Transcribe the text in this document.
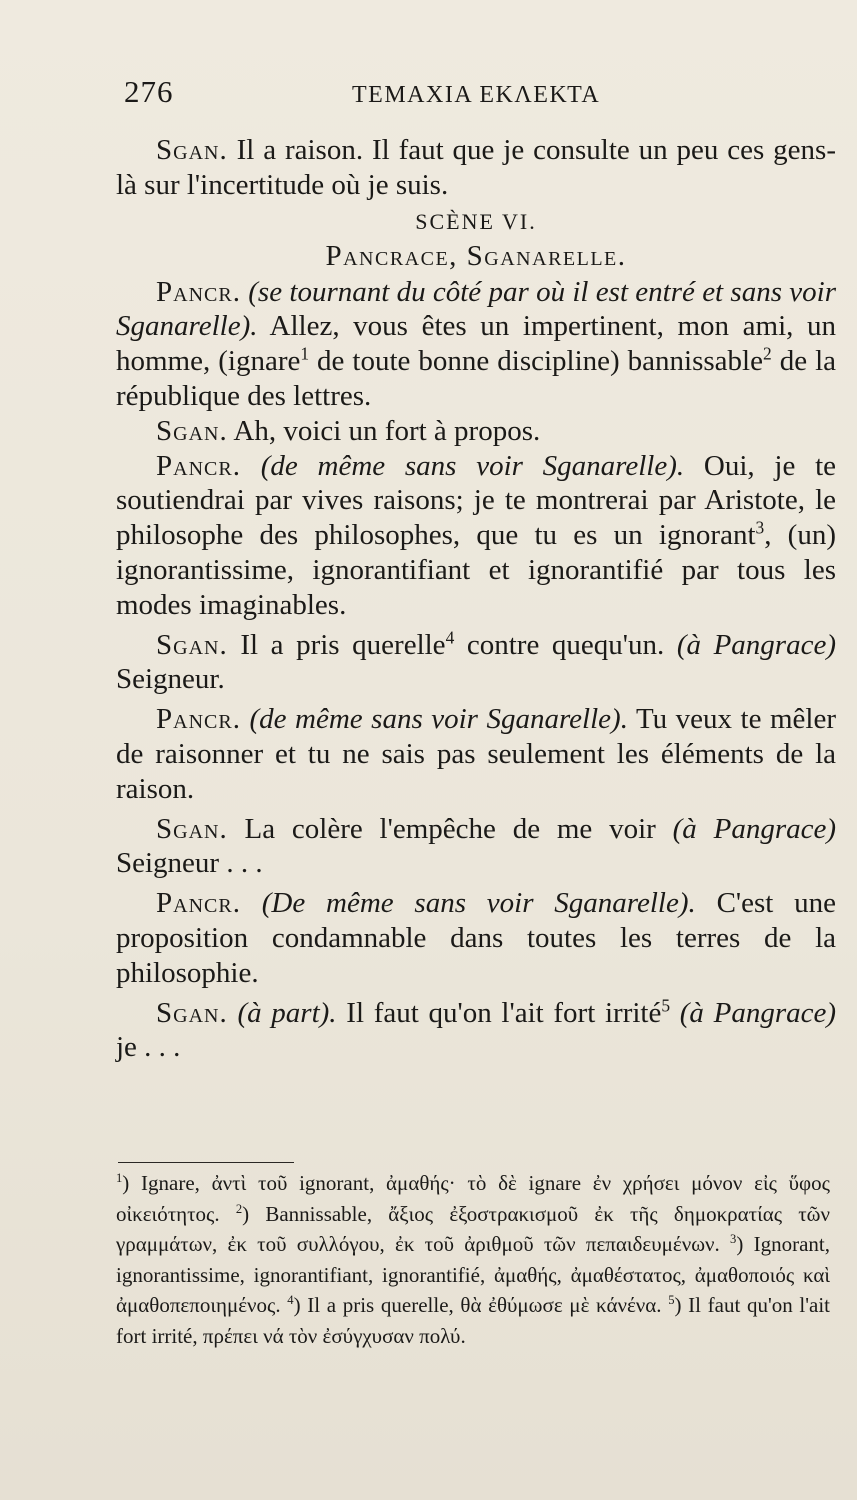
276	ΤΕΜΑΧΙΑ ΕΚΛΕΚΤΑ

Sgan. Il a raison. Il faut que je consulte un peu ces gens-là sur l'incertitude où je suis.

SCÈNE VI.
Pancrace, Sganarelle.

Pancr. (se tournant du côté par où il est entré et sans voir Sganarelle). Allez, vous êtes un impertinent, mon ami, un homme, (ignare$^1$ de toute bonne discipline) bannissable$^2$ de la république des lettres.

Sgan. Ah, voici un fort à propos.

Pancr. (de même sans voir Sganarelle). Oui, je te soutiendrai par vives raisons; je te montrerai par Aristote, le philosophe des philosophes, que tu es un ignorant$^3$, (un) ignorantissime, ignorantifiant et ignorantifié par tous les modes imaginables.

Sgan. Il a pris querelle$^4$ contre quequ'un. (à Pangrace) Seigneur.

Pancr. (de même sans voir Sganarelle). Tu veux te mêler de raisonner et tu ne sais pas seulement les éléments de la raison.

Sgan. La colère l'empêche de me voir (à Pangrace) Seigneur . . .

Pancr. (De même sans voir Sganarelle). C'est une proposition condamnable dans toutes les terres de la philosophie.

Sgan. (à part). Il faut qu'on l'ait fort irrité$^5$ (à Pangrace) je . . .

$^1$) Ignare, ἀντὶ τοῦ ignorant, ἀμαθής· τὸ δὲ ignare ἐν χρήσει μόνον εἰς ὕφος οἰκειότητος. $^2$) Bannissable, ἄξιος ἐξοστρακισμοῦ ἐκ τῆς δημοκρατίας τῶν γραμμάτων, ἐκ τοῦ συλλόγου, ἐκ τοῦ ἀριθμοῦ τῶν πεπαιδευμένων. $^3$) Ignorant, ignorantissime, ignorantifiant, ignorantifié, ἀμαθής, ἀμαθέστατος, ἀμαθοποιός καὶ ἀμαθοπεποιημένος. $^4$) Il a pris querelle, θὰ ἐθύμωσε μὲ κάνένα. $^5$) Il faut qu'on l'ait fort irrité, πρέπει νά τὸν ἐσύγχυσαν πολύ.
